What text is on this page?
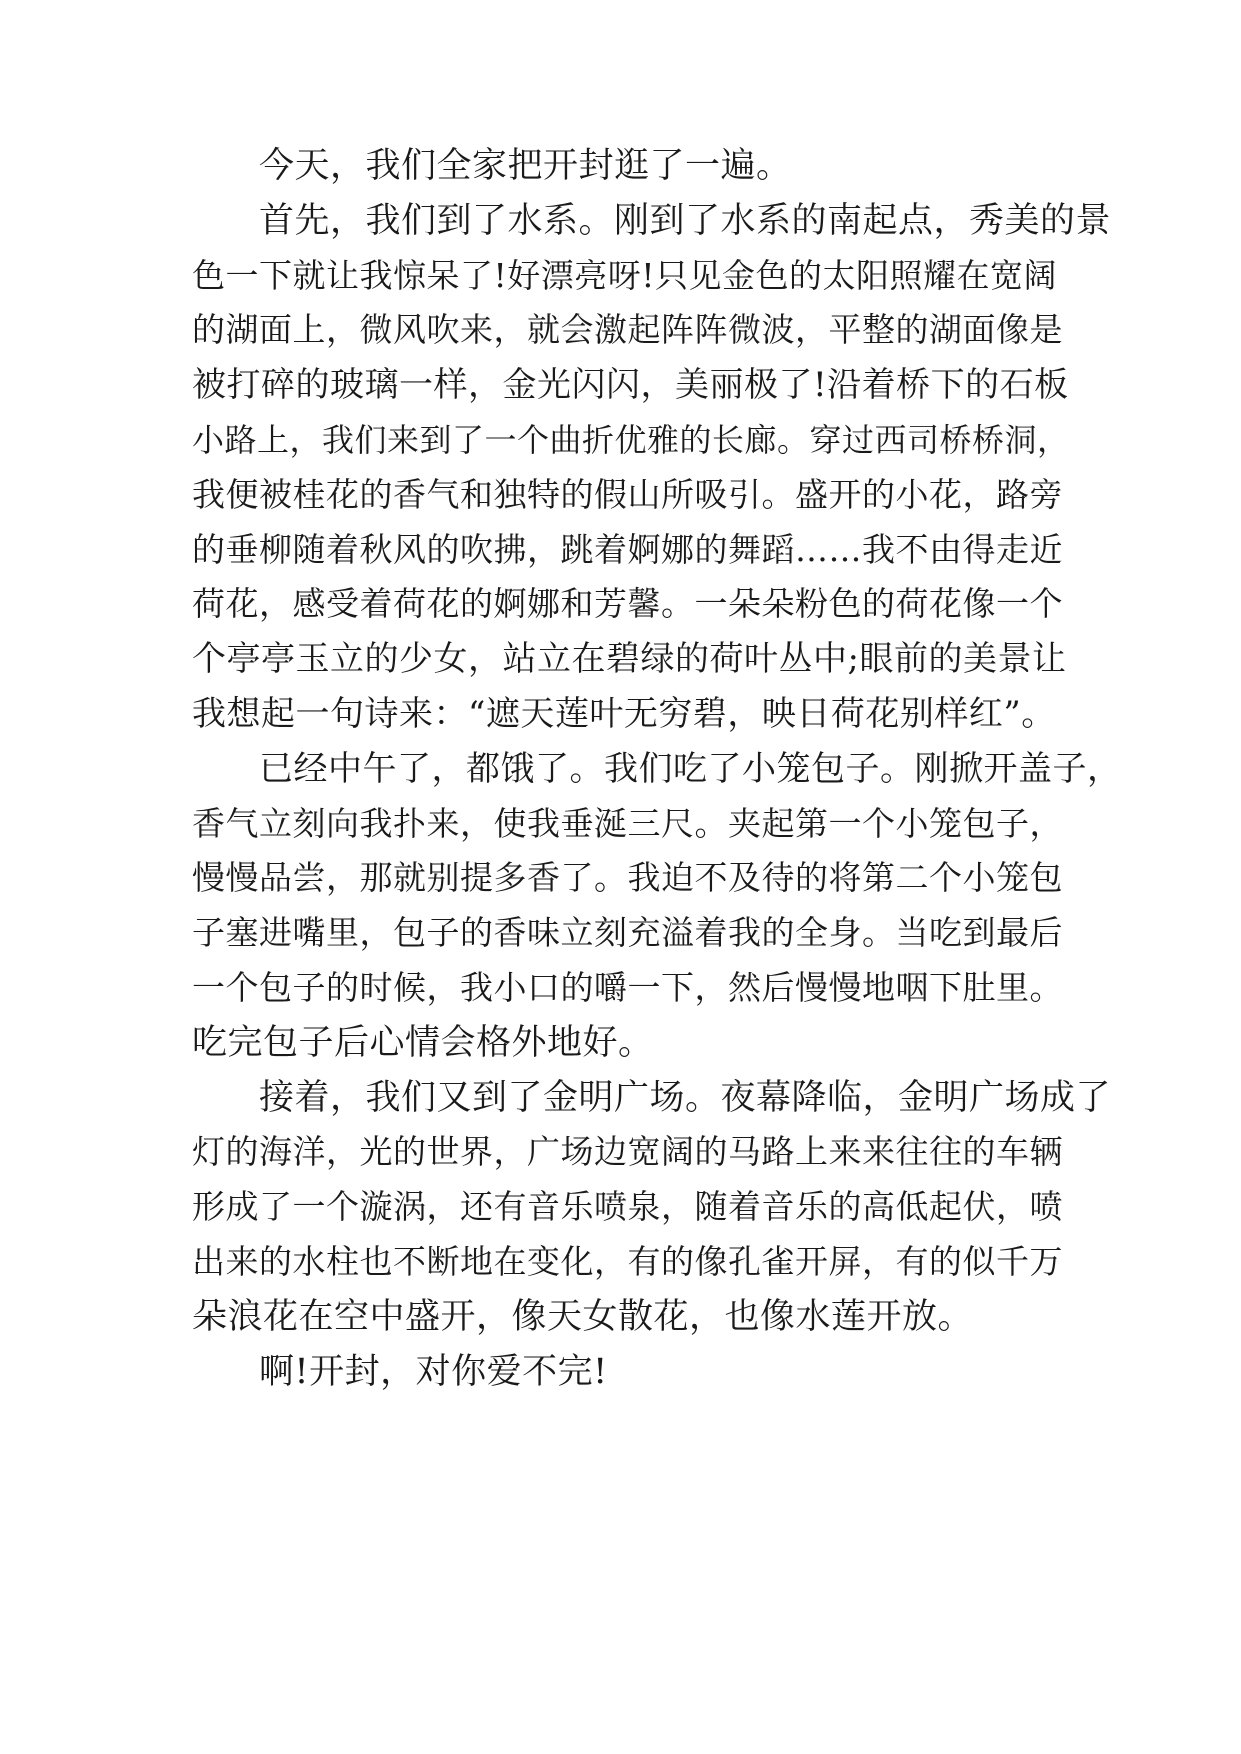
今天，我们全家把开封逛了一遍。
首先，我们到了水系。刚到了水系的南起点，秀美的景
色一下就让我惊呆了!好漂亮呀!只见金色的太阳照耀在宽阔
的湖面上，微风吹来，就会激起阵阵微波，平整的湖面像是
被打碎的玻璃一样，金光闪闪，美丽极了!沿着桥下的石板
小路上，我们来到了一个曲折优雅的长廊。穿过西司桥桥洞，
我便被桂花的香气和独特的假山所吸引。盛开的小花，路旁
的垂柳随着秋风的吹拂，跳着婀娜的舞蹈……我不由得走近
荷花，感受着荷花的婀娜和芳馨。一朵朵粉色的荷花像一个
个亭亭玉立的少女，站立在碧绿的荷叶丛中;眼前的美景让
我想起一句诗来：“遮天莲叶无穷碧，映日荷花别样红”。
已经中午了，都饿了。我们吃了小笼包子。刚掀开盖子，
香气立刻向我扑来，使我垂涎三尺。夹起第一个小笼包子，
慢慢品尝，那就别提多香了。我迫不及待的将第二个小笼包
子塞进嘴里，包子的香味立刻充溢着我的全身。当吃到最后
一个包子的时候，我小口的嚼一下，然后慢慢地咽下肚里。
吃完包子后心情会格外地好。
接着，我们又到了金明广场。夜幕降临，金明广场成了
灯的海洋，光的世界，广场边宽阔的马路上来来往往的车辆
形成了一个漩涡，还有音乐喷泉，随着音乐的高低起伏，喷
出来的水柱也不断地在变化，有的像孔雀开屏，有的似千万
朵浪花在空中盛开，像天女散花，也像水莲开放。
啊!开封，对你爱不完!
